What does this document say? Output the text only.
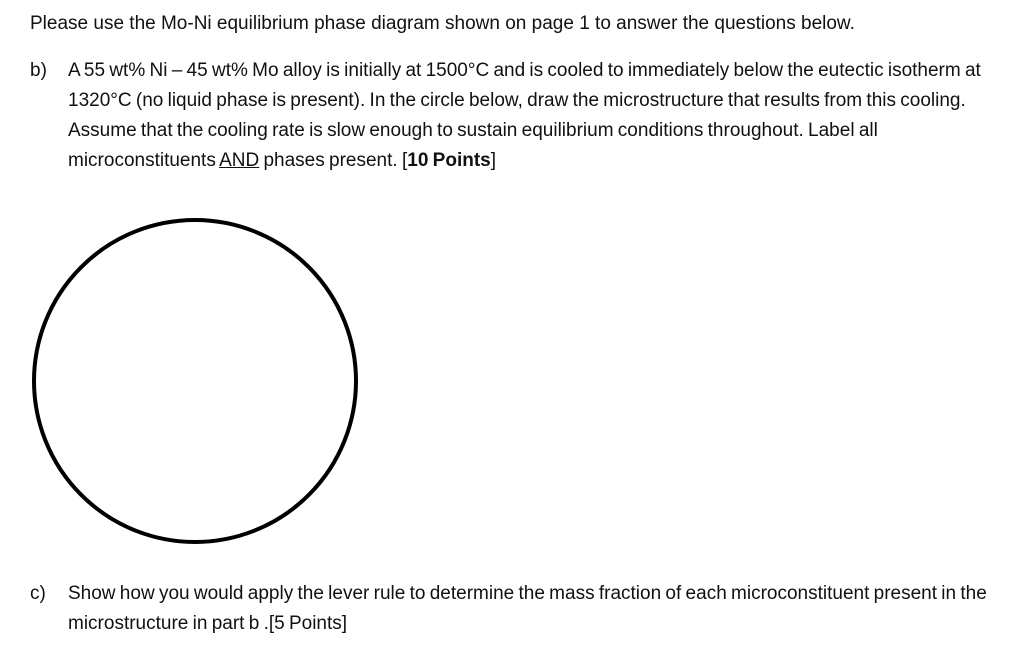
Please use the Mo-Ni equilibrium phase diagram shown on page 1 to answer the questions below.
b)	A 55 wt% Ni – 45 wt% Mo alloy is initially at 1500°C and is cooled to immediately below the eutectic isotherm at 1320°C (no liquid phase is present). In the circle below, draw the microstructure that results from this cooling. Assume that the cooling rate is slow enough to sustain equilibrium conditions throughout. Label all microconstituents AND phases present. [10 Points]
c)	Show how you would apply the lever rule to determine the mass fraction of each microconstituent present in the microstructure in part b .[5 Points]
